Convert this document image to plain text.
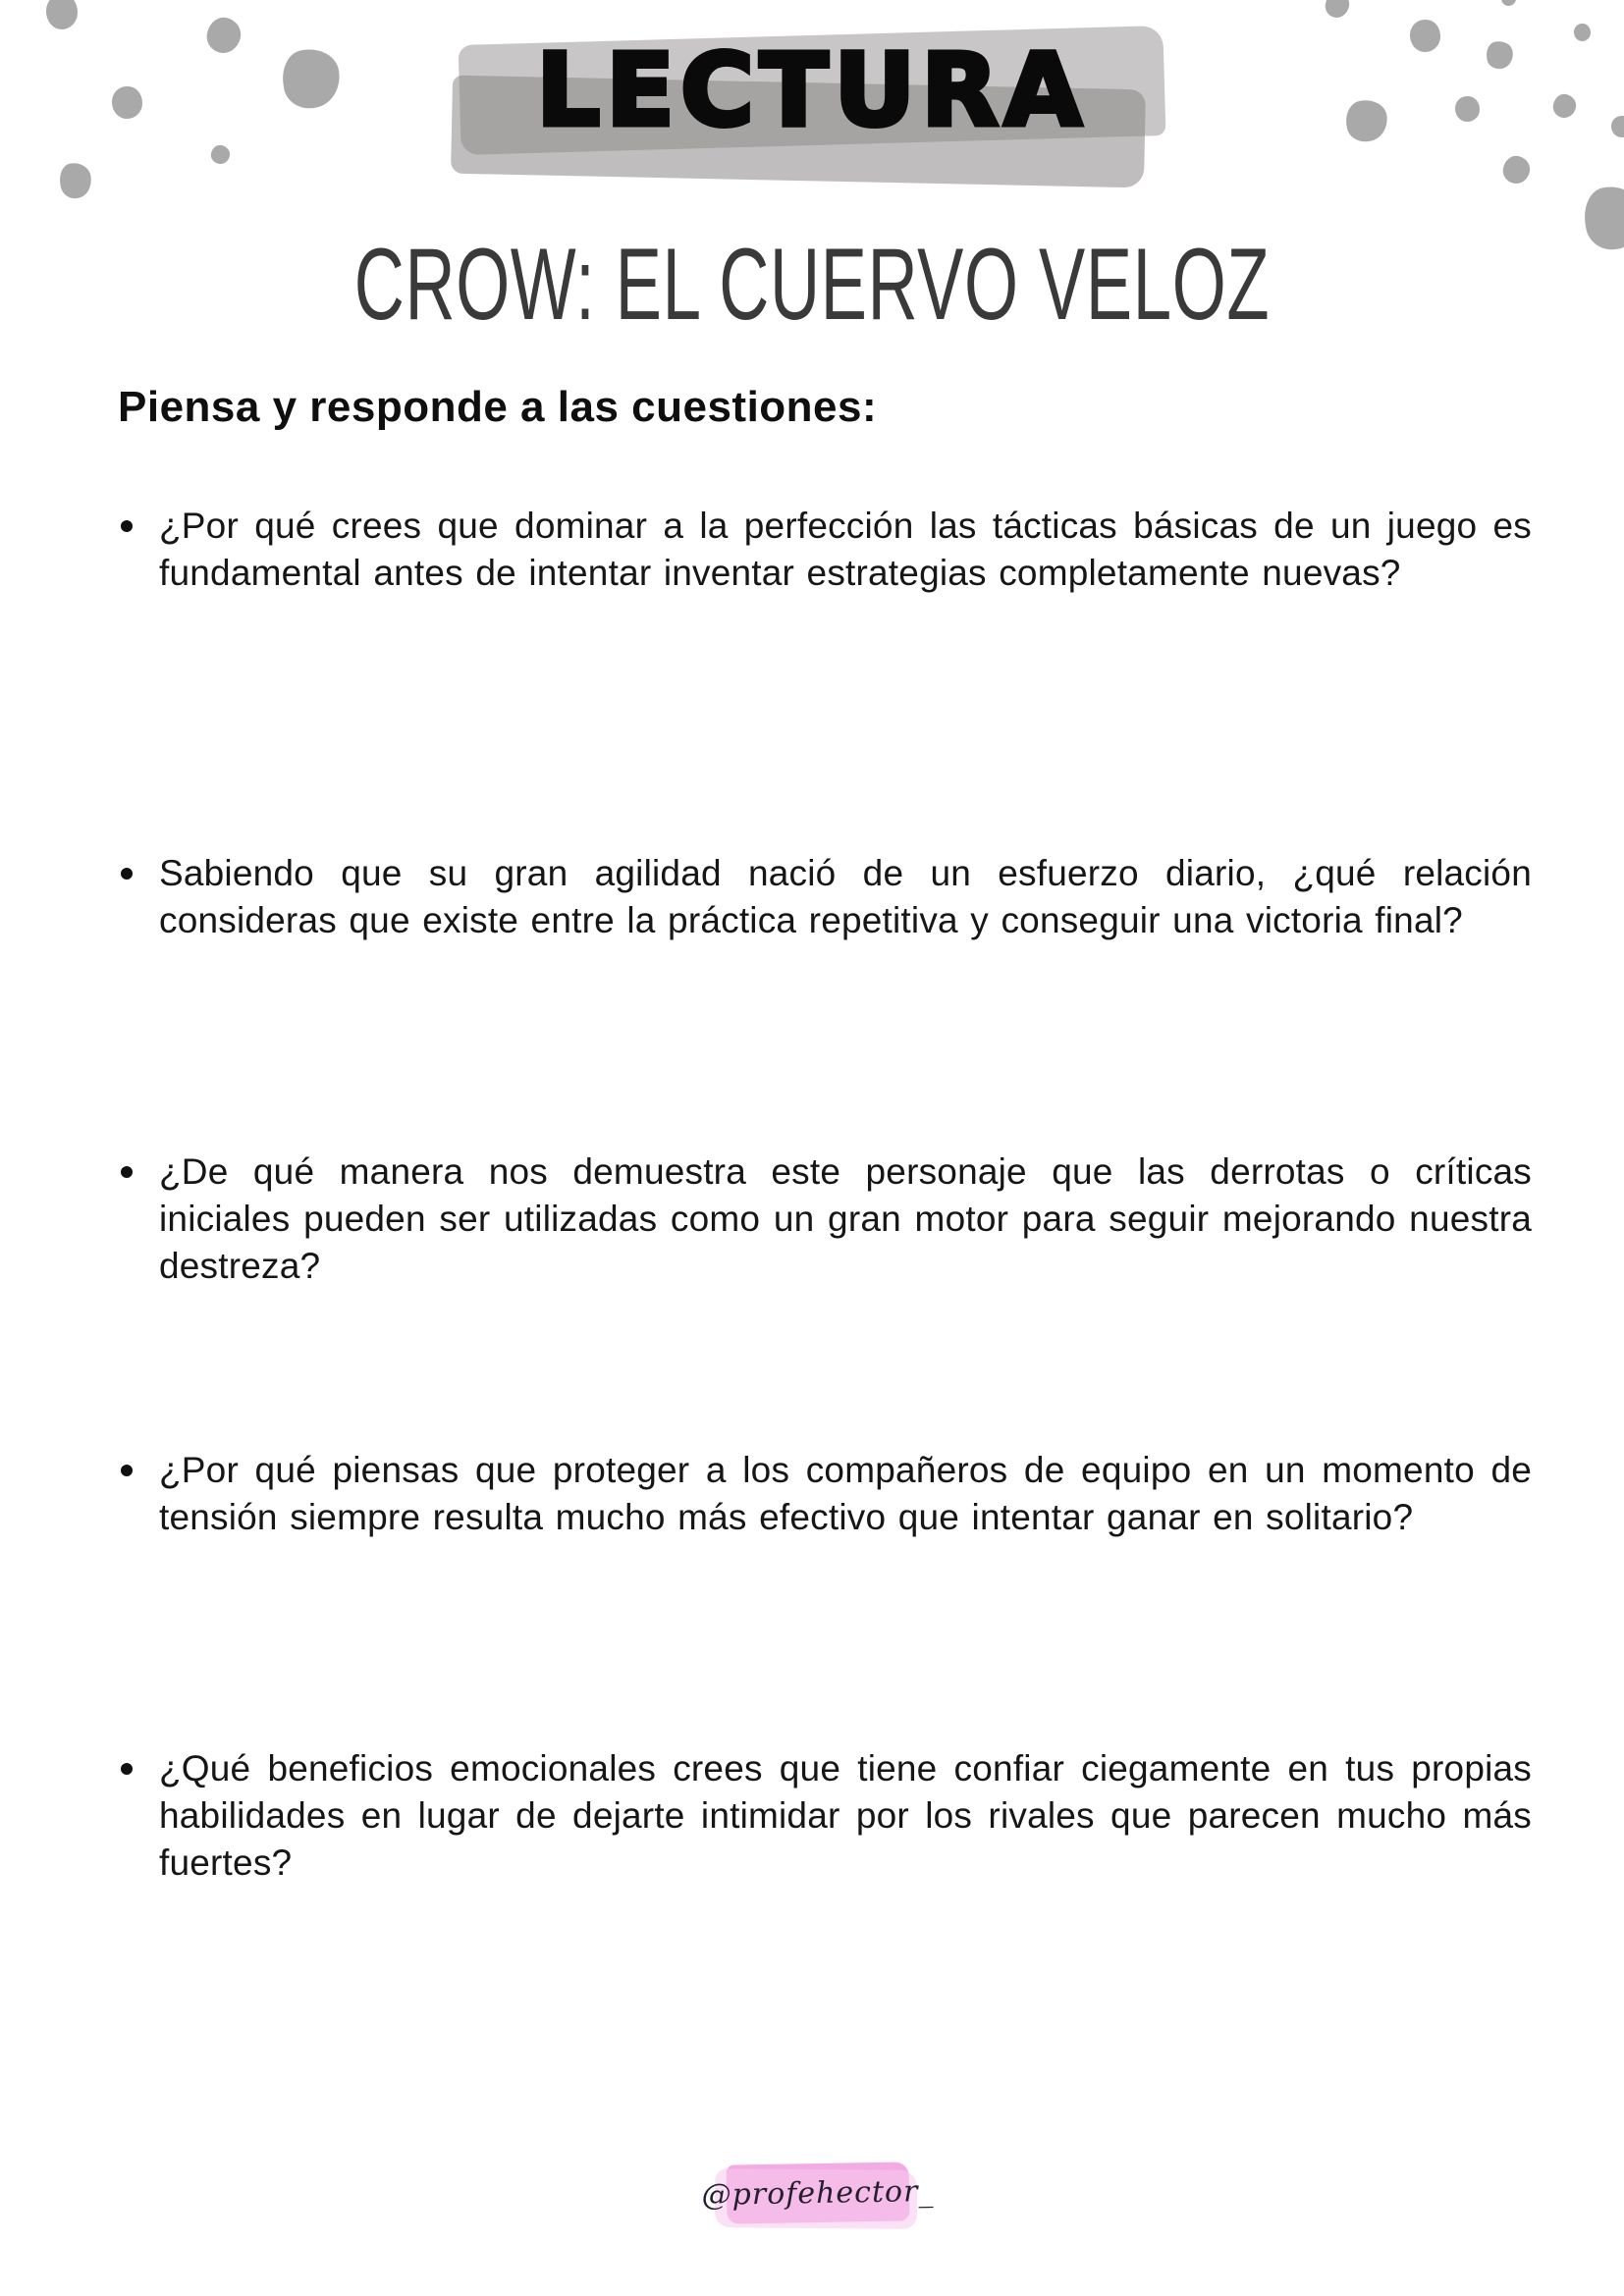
LECTURA
CROW: EL CUERVO VELOZ
Piensa y responde a las cuestiones:

¿Por qué crees que dominar a la perfección las tácticas básicas de un juego es fundamental antes de intentar inventar estrategias completamente nuevas?

Sabiendo que su gran agilidad nació de un esfuerzo diario, ¿qué relación consideras que existe entre la práctica repetitiva y conseguir una victoria final?

¿De qué manera nos demuestra este personaje que las derrotas o críticas iniciales pueden ser utilizadas como un gran motor para seguir mejorando nuestra destreza?

¿Por qué piensas que proteger a los compañeros de equipo en un momento de tensión siempre resulta mucho más efectivo que intentar ganar en solitario?

¿Qué beneficios emocionales crees que tiene confiar ciegamente en tus propias habilidades en lugar de dejarte intimidar por los rivales que parecen mucho más fuertes?

@profehector_
